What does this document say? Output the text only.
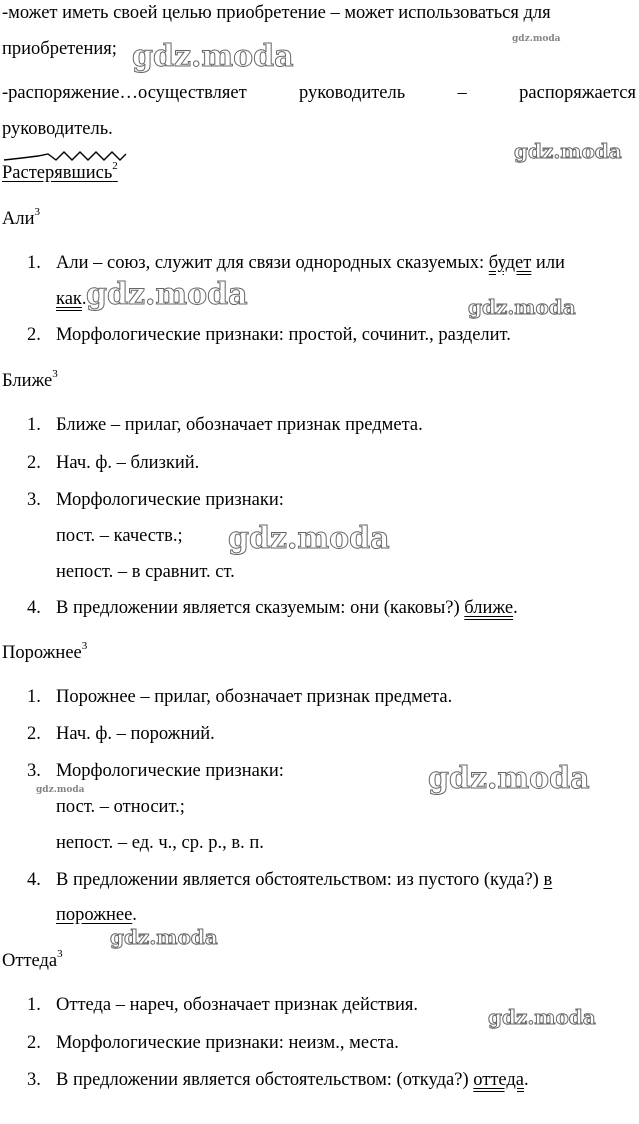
-может иметь своей целью приобретение – может использоваться для
приобретения;
-распоряжение…осуществляет	руководитель	–	распоряжается
руководитель.
Растерявшись$^2$
Али$^3$
1. Али – союз, служит для связи однородных сказуемых: будет или
как.
2. Морфологические признаки: простой, сочинит., разделит.
Ближе$^3$
1. Ближе – прилаг, обозначает признак предмета.
2. Нач. ф. – близкий.
3. Морфологические признаки:
пост. – качеств.;
непост. – в сравнит. ст.
4. В предложении является сказуемым: они (каковы?) ближе.
Порожнее$^3$
1. Порожнее – прилаг, обозначает признак предмета.
2. Нач. ф. – порожний.
3. Морфологические признаки:
пост. – относит.;
непост. – ед. ч., ср. р., в. п.
4. В предложении является обстоятельством: из пустого (куда?) в
порожнее.
Оттеда$^3$
1. Оттеда – нареч, обозначает признак действия.
2. Морфологические признаки: неизм., места.
3. В предложении является обстоятельством: (откуда?) оттеда.
gdz.moda
gdz.moda
gdz.moda
gdz.moda	gdz.moda
gdz.moda
gdz.moda
gdz.moda
gdz.moda
gdz.moda
